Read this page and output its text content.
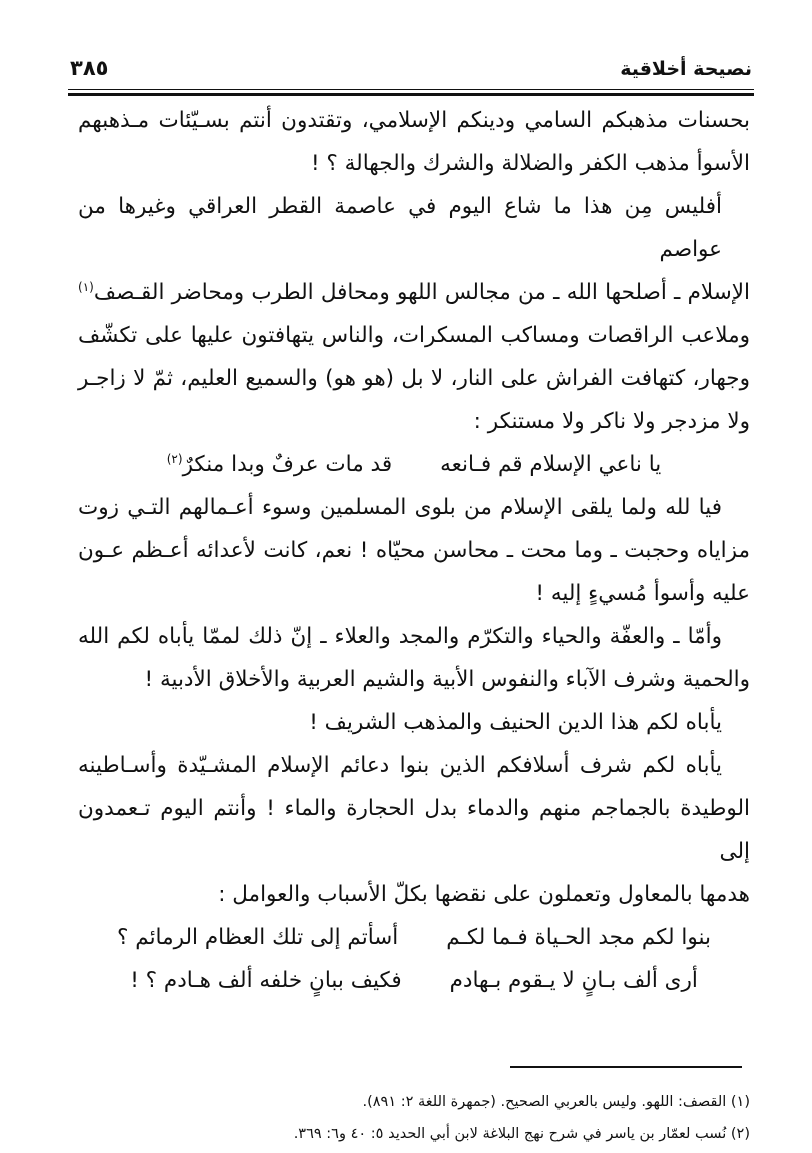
نصيحة أخلاقية
٣٨٥
بحسنات مذهبكم السامي ودينكم الإسلامي، وتقتدون أنتم بسـيّئات مـذهبهم
الأسوأ مذهب الكفر والضلالة والشرك والجهالة ؟ !
أفليس مِن هذا ما شاع اليوم في عاصمة القطر العراقي وغيرها من عواصم
الإسلام ـ أصلحها الله ـ من مجالس اللهو ومحافل الطرب ومحاضر القـصف$^{(١)}$
وملاعب الراقصات ومساكب المسكرات، والناس يتهافتون عليها على تكشّف
وجهار، كتهافت الفراش على النار، لا بل (هو هو) والسميع العليم، ثمّ لا زاجـر
ولا مزدجر ولا ناكر ولا مستنكر :
يا ناعي الإسلام قم فـانعه
قد مات عرفٌ وبدا منكرٌ$^{(٢)}$
فيا لله ولما يلقى الإسلام من بلوى المسلمين وسوء أعـمالهم التـي زوت
مزاياه وحجبت ـ وما محت ـ محاسن محيّاه ! نعم، كانت لأعدائه أعـظم عـون
عليه وأسوأ مُسيءٍ إليه !
وأمّا ـ والعفّة والحياء والتكرّم والمجد والعلاء ـ إنّ ذلك لممّا يأباه لكم الله
والحمية وشرف الآباء والنفوس الأبية والشيم العربية والأخلاق الأدبية !
يأباه لكم هذا الدين الحنيف والمذهب الشريف !
يأباه لكم شرف أسلافكم الذين بنوا دعائم الإسلام المشـيّدة وأسـاطينه
الوطيدة بالجماجم منهم والدماء بدل الحجارة والماء ! وأنتم اليوم تـعمدون إلى
هدمها بالمعاول وتعملون على نقضها بكلّ الأسباب والعوامل :
بنوا لكم مجد الحـياة فـما لكـم
أسأتم إلى تلك العظام الرمائم ؟
أرى ألف بـانٍ لا يـقوم بـهادم
فكيف ببانٍ خلفه ألف هـادم ؟ !
(١) القصف: اللهو. وليس بالعربي الصحيح. (جمهرة اللغة ٢: ٨٩١).
(٢) نُسب لعمّار بن ياسر في شرح نهج البلاغة لابن أبي الحديد ٥: ٤٠ و٦: ٣٦٩.
